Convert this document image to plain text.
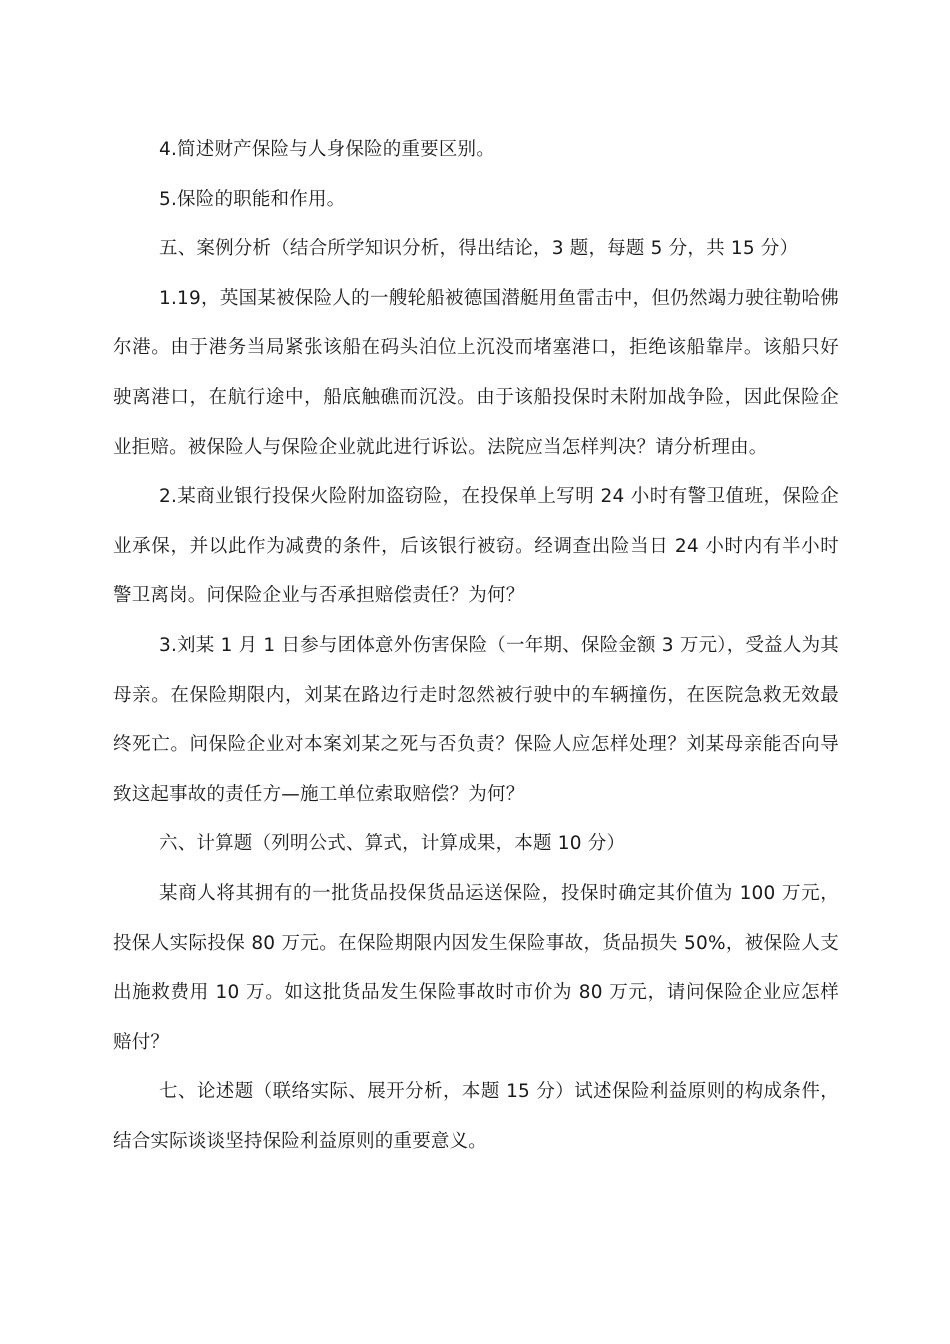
4.简述财产保险与人身保险的重要区别。

5.保险的职能和作用。

五、案例分析（结合所学知识分析，得出结论，3 题，每题 5 分，共 15 分）

1.19，英国某被保险人的一艘轮船被德国潜艇用鱼雷击中，但仍然竭力驶往勒哈佛尔港。由于港务当局紧张该船在码头泊位上沉没而堵塞港口，拒绝该船靠岸。该船只好驶离港口，在航行途中，船底触礁而沉没。由于该船投保时未附加战争险，因此保险企业拒赔。被保险人与保险企业就此进行诉讼。法院应当怎样判决？请分析理由。

2.某商业银行投保火险附加盗窃险，在投保单上写明 24 小时有警卫值班，保险企业承保，并以此作为减费的条件，后该银行被窃。经调查出险当日 24 小时内有半小时警卫离岗。问保险企业与否承担赔偿责任？为何？

3.刘某 1 月 1 日参与团体意外伤害保险（一年期、保险金额 3 万元），受益人为其母亲。在保险期限内，刘某在路边行走时忽然被行驶中的车辆撞伤，在医院急救无效最终死亡。问保险企业对本案刘某之死与否负责？保险人应怎样处理？刘某母亲能否向导致这起事故的责任方—施工单位索取赔偿？为何？

六、计算题（列明公式、算式，计算成果，本题 10 分）

某商人将其拥有的一批货品投保货品运送保险，投保时确定其价值为 100 万元，投保人实际投保 80 万元。在保险期限内因发生保险事故，货品损失 50%，被保险人支出施救费用 10 万。如这批货品发生保险事故时市价为 80 万元，请问保险企业应怎样赔付？

七、论述题（联络实际、展开分析，本题 15 分）试述保险利益原则的构成条件，结合实际谈谈坚持保险利益原则的重要意义。
